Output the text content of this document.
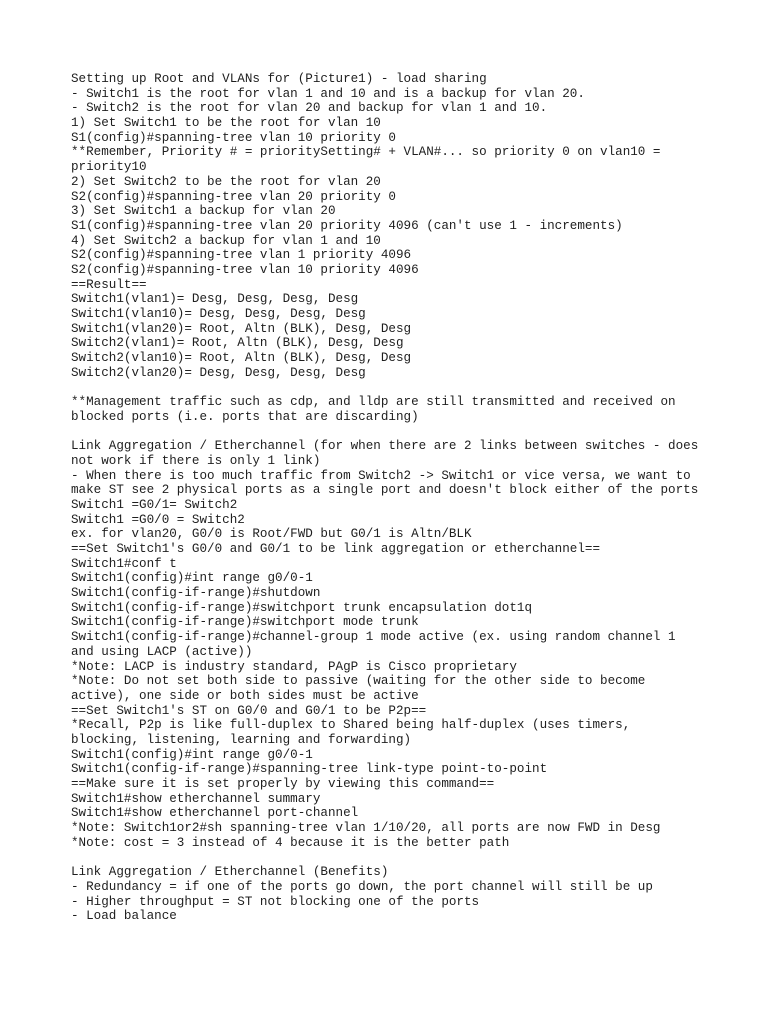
Setting up Root and VLANs for (Picture1) - load sharing
- Switch1 is the root for vlan 1 and 10 and is a backup for vlan 20.
- Switch2 is the root for vlan 20 and backup for vlan 1 and 10.
1) Set Switch1 to be the root for vlan 10
S1(config)#spanning-tree vlan 10 priority 0
**Remember, Priority # = prioritySetting# + VLAN#... so priority 0 on vlan10 =
priority10
2) Set Switch2 to be the root for vlan 20
S2(config)#spanning-tree vlan 20 priority 0
3) Set Switch1 a backup for vlan 20
S1(config)#spanning-tree vlan 20 priority 4096 (can't use 1 - increments)
4) Set Switch2 a backup for vlan 1 and 10
S2(config)#spanning-tree vlan 1 priority 4096
S2(config)#spanning-tree vlan 10 priority 4096
==Result==
Switch1(vlan1)= Desg, Desg, Desg, Desg
Switch1(vlan10)= Desg, Desg, Desg, Desg
Switch1(vlan20)= Root, Altn (BLK), Desg, Desg
Switch2(vlan1)= Root, Altn (BLK), Desg, Desg
Switch2(vlan10)= Root, Altn (BLK), Desg, Desg
Switch2(vlan20)= Desg, Desg, Desg, Desg
**Management traffic such as cdp, and lldp are still transmitted and received on
blocked ports (i.e. ports that are discarding)
Link Aggregation / Etherchannel (for when there are 2 links between switches - does
not work if there is only 1 link)
- When there is too much traffic from Switch2 -> Switch1 or vice versa, we want to
make ST see 2 physical ports as a single port and doesn't block either of the ports
Switch1 =G0/1= Switch2
Switch1 =G0/0 = Switch2
ex. for vlan20, G0/0 is Root/FWD but G0/1 is Altn/BLK
==Set Switch1's G0/0 and G0/1 to be link aggregation or etherchannel==
Switch1#conf t
Switch1(config)#int range g0/0-1
Switch1(config-if-range)#shutdown
Switch1(config-if-range)#switchport trunk encapsulation dot1q
Switch1(config-if-range)#switchport mode trunk
Switch1(config-if-range)#channel-group 1 mode active (ex. using random channel 1
and using LACP (active))
*Note: LACP is industry standard, PAgP is Cisco proprietary
*Note: Do not set both side to passive (waiting for the other side to become
active), one side or both sides must be active
==Set Switch1's ST on G0/0 and G0/1 to be P2p==
*Recall, P2p is like full-duplex to Shared being half-duplex (uses timers,
blocking, listening, learning and forwarding)
Switch1(config)#int range g0/0-1
Switch1(config-if-range)#spanning-tree link-type point-to-point
==Make sure it is set properly by viewing this command==
Switch1#show etherchannel summary
Switch1#show etherchannel port-channel
*Note: Switch1or2#sh spanning-tree vlan 1/10/20, all ports are now FWD in Desg
*Note: cost = 3 instead of 4 because it is the better path
Link Aggregation / Etherchannel (Benefits)
- Redundancy = if one of the ports go down, the port channel will still be up
- Higher throughput = ST not blocking one of the ports
- Load balance
